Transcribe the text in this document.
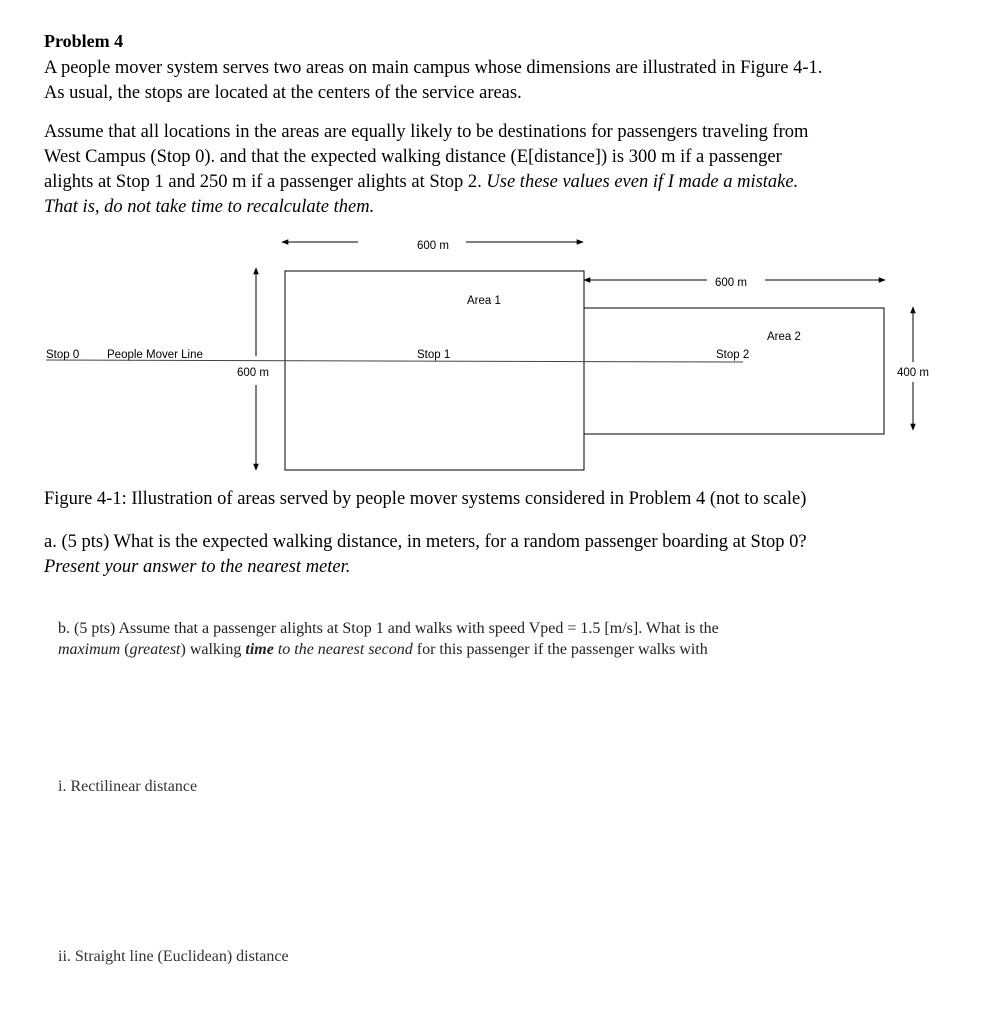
Problem 4
A people mover system serves two areas on main campus whose dimensions are illustrated in Figure 4-1.
As usual, the stops are located at the centers of the service areas.
Assume that all locations in the areas are equally likely to be destinations for passengers traveling from
West Campus (Stop 0). and that the expected walking distance (E[distance]) is 300 m if a passenger
alights at Stop 1 and 250 m if a passenger alights at Stop 2. Use these values even if I made a mistake.
That is, do not take time to recalculate them.
600 m
Area 1
600 m
600 m
Area 2
400 m
Stop 0 People Mover Line	Stop 1	Stop 2
Figure 4-1: Illustration of areas served by people mover systems considered in Problem 4 (not to scale)
a. (5 pts) What is the expected walking distance, in meters, for a random passenger boarding at Stop 0?
Present your answer to the nearest meter.
b. (5 pts) Assume that a passenger alights at Stop 1 and walks with speed Vped = 1.5 [m/s]. What is the
maximum (greatest) walking time to the nearest second for this passenger if the passenger walks with
i. Rectilinear distance
ii. Straight line (Euclidean) distance
